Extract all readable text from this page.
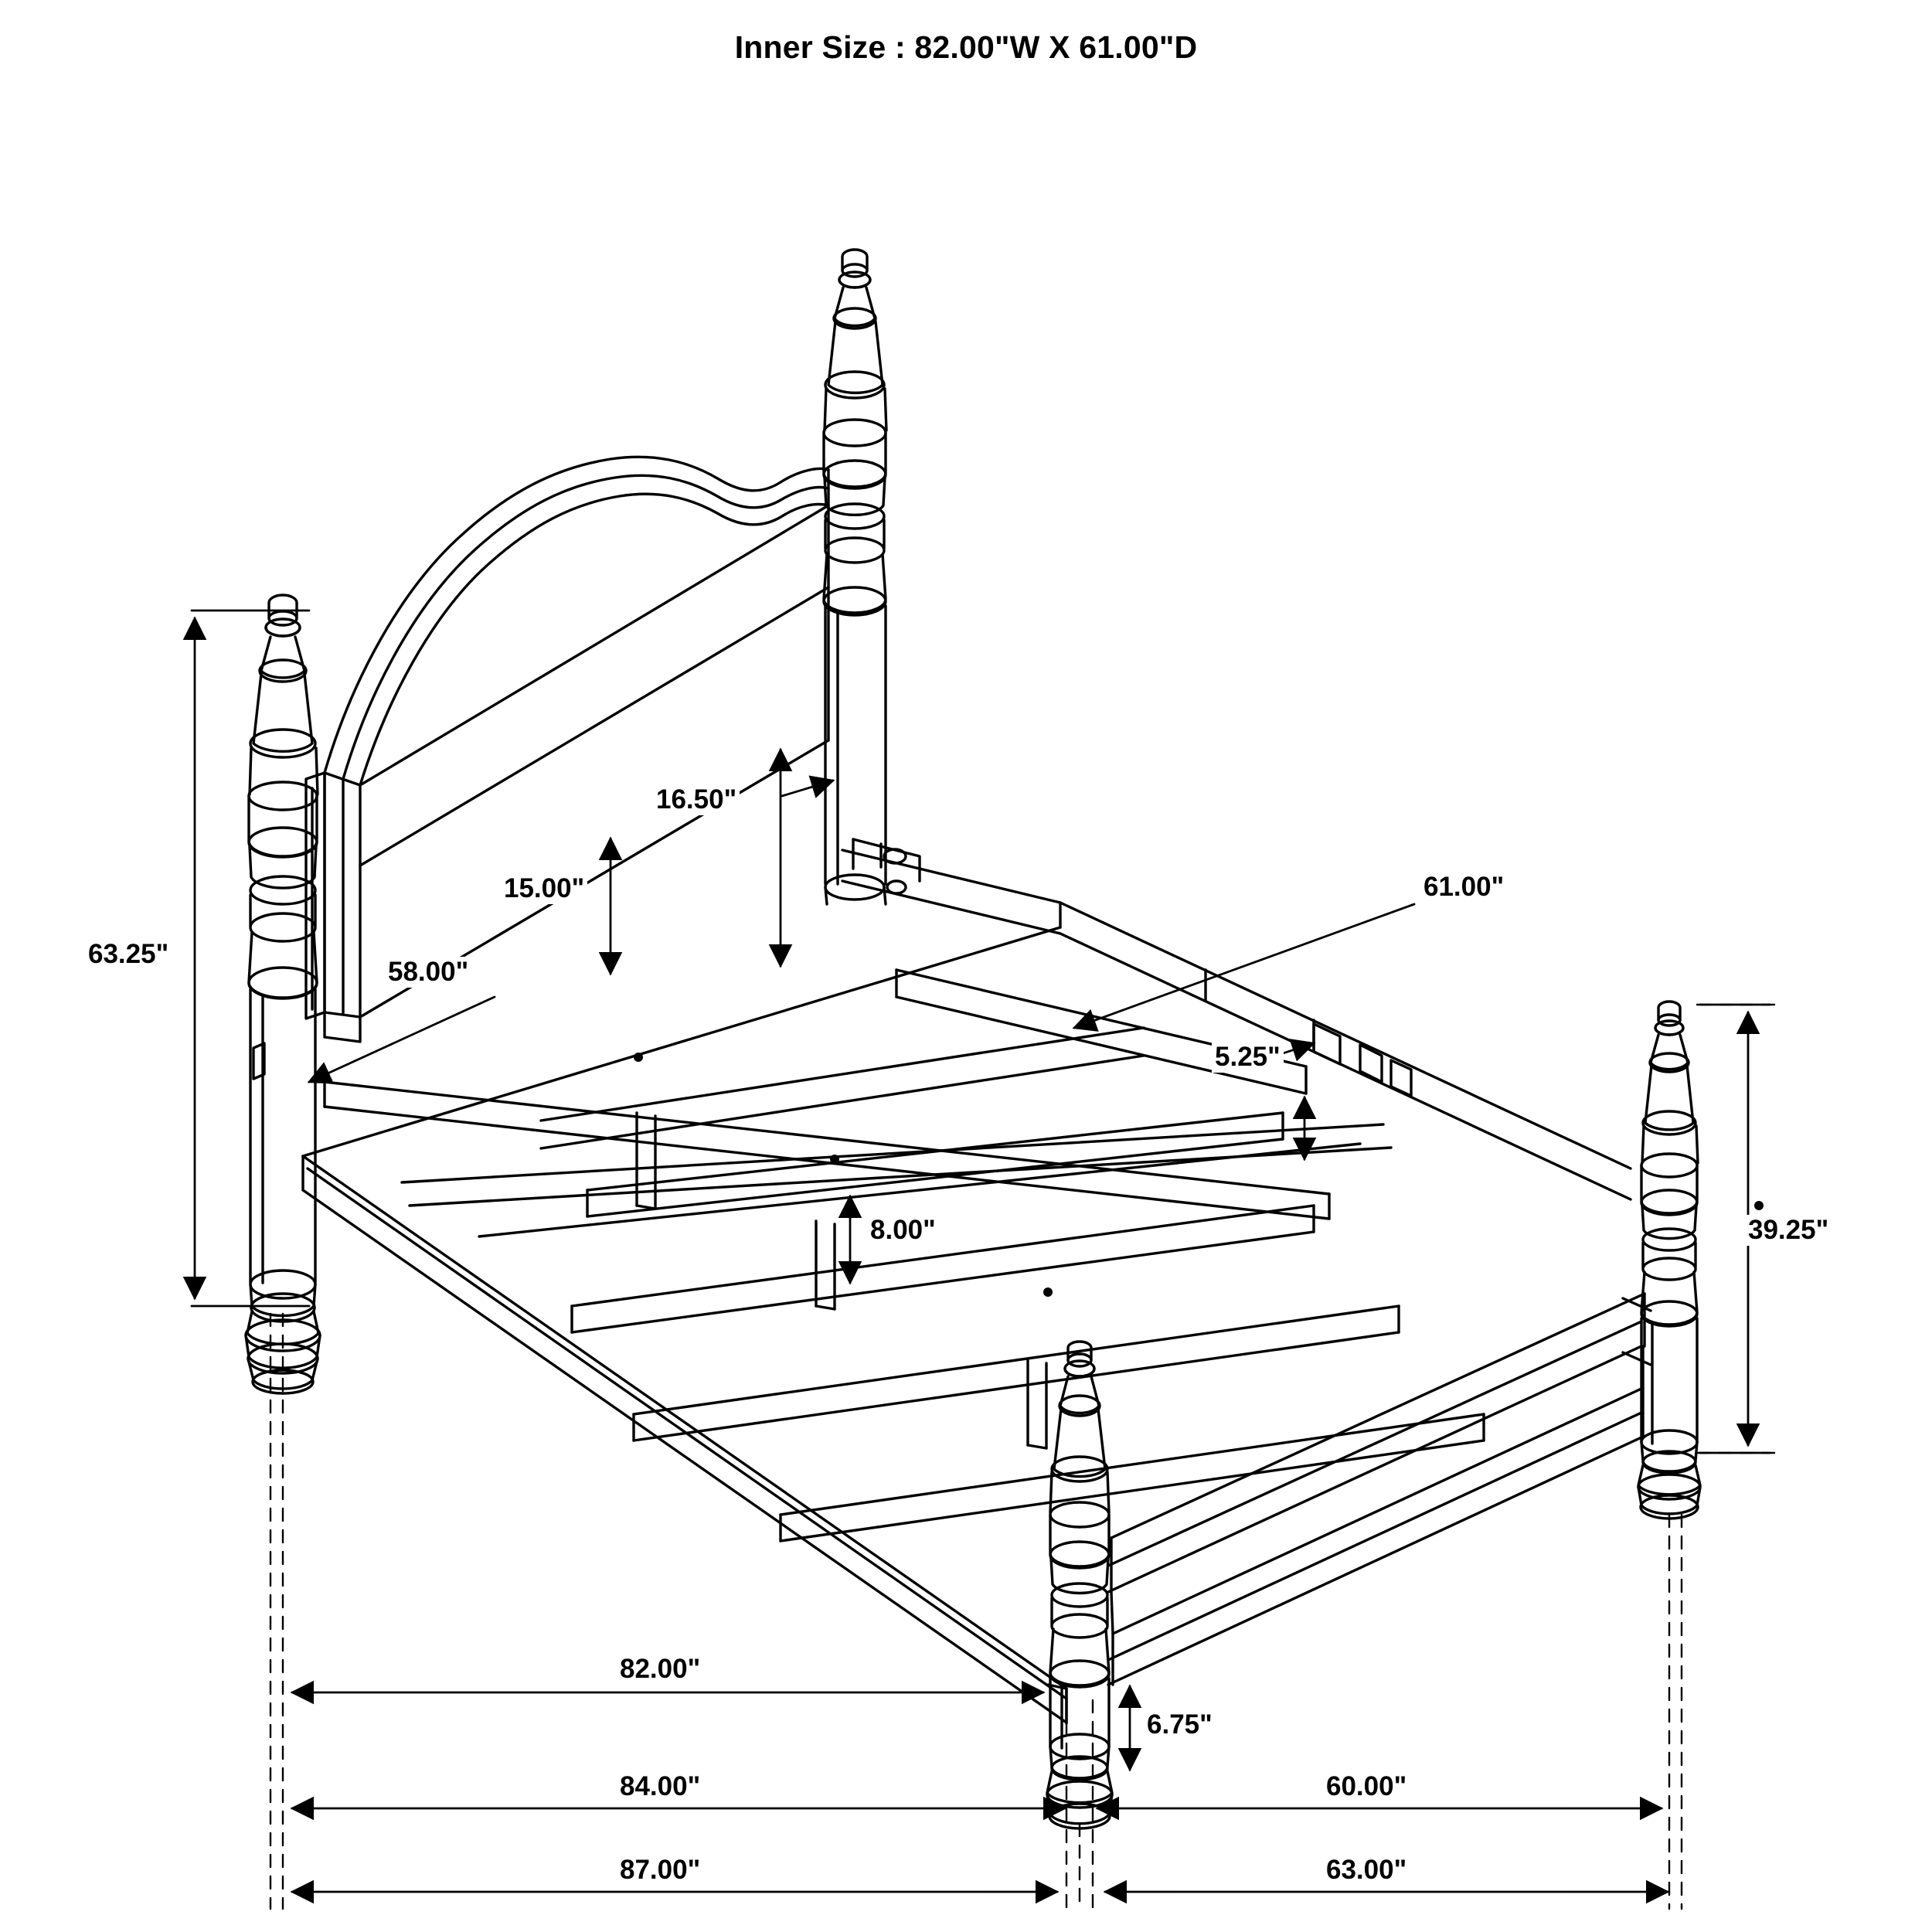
Inner Size : 82.00"W X 61.00"D
63.25"
16.50"
15.00"
58.00"
61.00"
5.25"
8.00"	39.25"
82.00"
6.75"
84.00"	60.00"
87.00"	63.00"
